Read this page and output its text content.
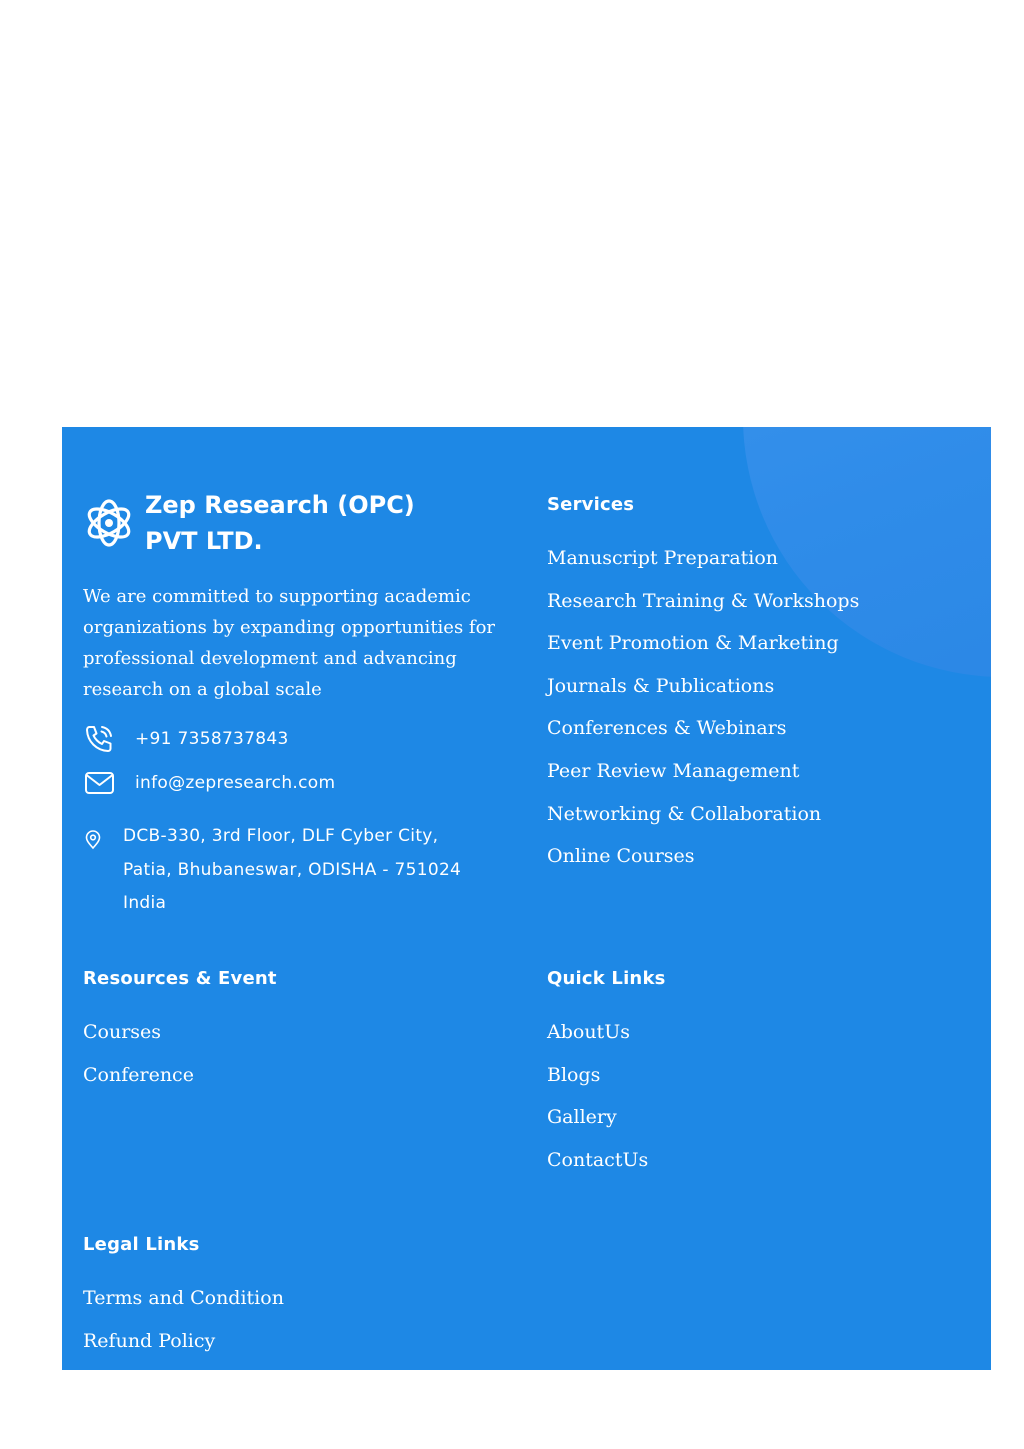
Zep Research (OPC)
PVT LTD.

We are committed to supporting academic organizations by expanding opportunities for professional development and advancing research on a global scale

+91 7358737843
info@zepresearch.com
DCB-330, 3rd Floor, DLF Cyber City,
Patia, Bhubaneswar, ODISHA - 751024
India
Services
Manuscript Preparation
Research Training & Workshops
Event Promotion & Marketing
Journals & Publications
Conferences & Webinars
Peer Review Management
Networking & Collaboration
Online Courses
Resources & Event
Courses
Conference
Quick Links
AboutUs
Blogs
Gallery
ContactUs
Legal Links
Terms and Condition
Refund Policy
